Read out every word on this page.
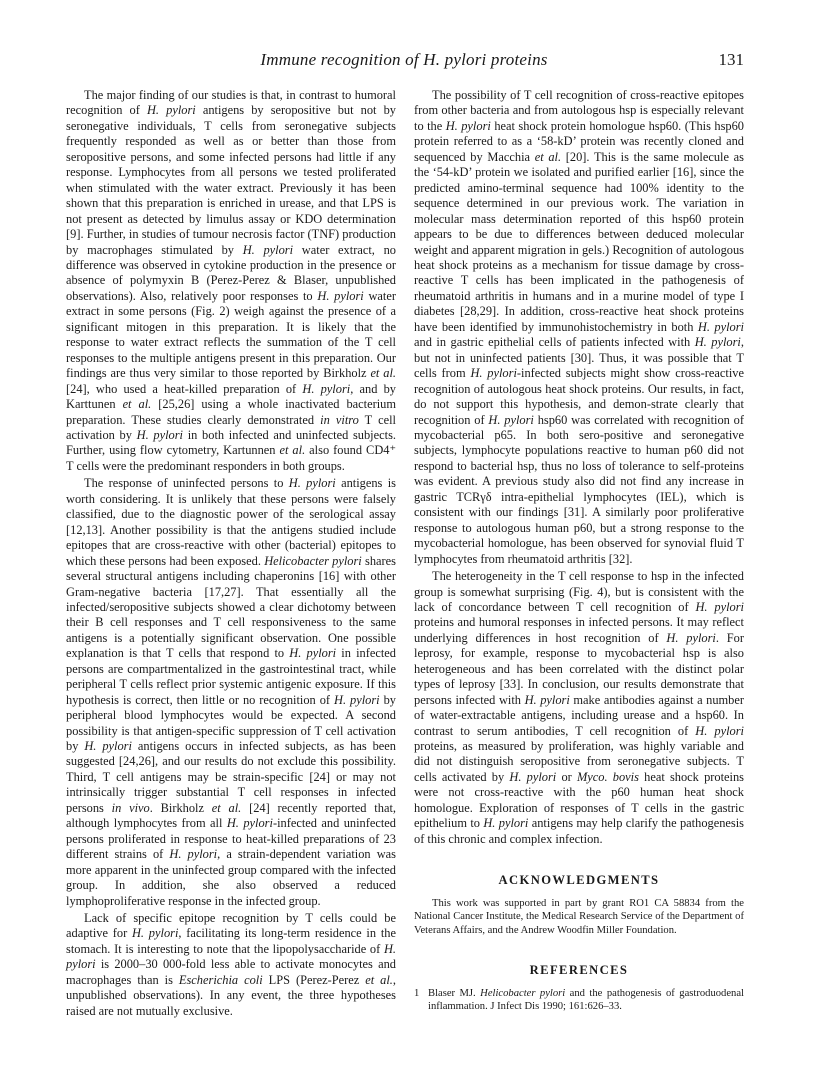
Immune recognition of H. pylori proteins	131

The major finding of our studies is that, in contrast to humoral recognition of H. pylori antigens by seropositive but not by seronegative individuals, T cells from seronegative subjects frequently responded as well as or better than those from seropositive persons, and some infected persons had little if any response. Lymphocytes from all persons we tested proliferated when stimulated with the water extract. Previously it has been shown that this preparation is enriched in urease, and that LPS is not present as detected by limulus assay or KDO determination [9]. Further, in studies of tumour necrosis factor (TNF) production by macrophages stimulated by H. pylori water extract, no difference was observed in cytokine production in the presence or absence of polymyxin B (Perez-Perez & Blaser, unpublished observations). Also, relatively poor responses to H. pylori water extract in some persons (Fig. 2) weigh against the presence of a significant mitogen in this preparation. It is likely that the response to water extract reflects the summation of the T cell responses to the multiple antigens present in this preparation. Our findings are thus very similar to those reported by Birkholz et al. [24], who used a heat-killed preparation of H. pylori, and by Karttunen et al. [25,26] using a whole inactivated bacterium preparation. These studies clearly demonstrated in vitro T cell activation by H. pylori in both infected and uninfected subjects. Further, using flow cytometry, Kartunnen et al. also found CD4⁺ T cells were the predominant responders in both groups.

The response of uninfected persons to H. pylori antigens is worth considering. It is unlikely that these persons were falsely classified, due to the diagnostic power of the serological assay [12,13]. Another possibility is that the antigens studied include epitopes that are cross-reactive with other (bacterial) epitopes to which these persons had been exposed. Helicobacter pylori shares several structural antigens including chaperonins [16] with other Gram-negative bacteria [17,27]. That essentially all the infected/seropositive subjects showed a clear dichotomy between their B cell responses and T cell responsiveness to the same antigens is a potentially significant observation. One possible explanation is that T cells that respond to H. pylori in infected persons are compartmentalized in the gastrointestinal tract, while peripheral T cells reflect prior systemic antigenic exposure. If this hypothesis is correct, then little or no recognition of H. pylori by peripheral blood lymphocytes would be expected. A second possibility is that antigen-specific suppression of T cell activation by H. pylori antigens occurs in infected subjects, as has been suggested [24,26], and our results do not exclude this possibility. Third, T cell antigens may be strain-specific [24] or may not intrinsically trigger substantial T cell responses in infected persons in vivo. Birkholz et al. [24] recently reported that, although lymphocytes from all H. pylori-infected and uninfected persons proliferated in response to heat-killed preparations of 23 different strains of H. pylori, a strain-dependent variation was more apparent in the uninfected group compared with the infected group. In addition, she also observed a reduced lymphoproliferative response in the infected group.

Lack of specific epitope recognition by T cells could be adaptive for H. pylori, facilitating its long-term residence in the stomach. It is interesting to note that the lipopolysaccharide of H. pylori is 2000–30 000-fold less able to activate monocytes and macrophages than is Escherichia coli LPS (Perez-Perez et al., unpublished observations). In any event, the three hypotheses raised are not mutually exclusive.

The possibility of T cell recognition of cross-reactive epitopes from other bacteria and from autologous hsp is especially relevant to the H. pylori heat shock protein homologue hsp60. (This hsp60 protein referred to as a ‘58-kD’ protein was recently cloned and sequenced by Macchia et al. [20]. This is the same molecule as the ‘54-kD’ protein we isolated and purified earlier [16], since the predicted amino-terminal sequence had 100% identity to the sequence determined in our previous work. The variation in molecular mass determination reported of this hsp60 protein appears to be due to differences between deduced molecular weight and apparent migration in gels.) Recognition of autologous heat shock proteins as a mechanism for tissue damage by cross-reactive T cells has been implicated in the pathogenesis of rheumatoid arthritis in humans and in a murine model of type I diabetes [28,29]. In addition, cross-reactive heat shock proteins have been identified by immunohistochemistry in both H. pylori and in gastric epithelial cells of patients infected with H. pylori, but not in uninfected patients [30]. Thus, it was possible that T cells from H. pylori-infected subjects might show cross-reactive recognition of autologous heat shock proteins. Our results, in fact, do not support this hypothesis, and demon-strate clearly that recognition of H. pylori hsp60 was correlated with recognition of mycobacterial p65. In both sero-positive and seronegative subjects, lymphocyte populations reactive to human p60 did not respond to bacterial hsp, thus no loss of tolerance to self-proteins was evident. A previous study also did not find any increase in gastric TCRγδ intra-epithelial lymphocytes (IEL), which is consistent with our findings [31]. A similarly poor proliferative response to autologous human p60, but a strong response to the mycobacterial homologue, has been observed for synovial fluid T lymphocytes from rheumatoid arthritis [32].

The heterogeneity in the T cell response to hsp in the infected group is somewhat surprising (Fig. 4), but is consistent with the lack of concordance between T cell recognition of H. pylori proteins and humoral responses in infected persons. It may reflect underlying differences in host recognition of H. pylori. For leprosy, for example, response to mycobacterial hsp is also heterogeneous and has been correlated with the distinct polar types of leprosy [33]. In conclusion, our results demonstrate that persons infected with H. pylori make antibodies against a number of water-extractable antigens, including urease and a hsp60. In contrast to serum antibodies, T cell recognition of H. pylori proteins, as measured by proliferation, was highly variable and did not distinguish seropositive from seronegative subjects. T cells activated by H. pylori or Myco. bovis heat shock proteins were not cross-reactive with the p60 human heat shock homologue. Exploration of responses of T cells in the gastric epithelium to H. pylori antigens may help clarify the pathogenesis of this chronic and complex infection.

ACKNOWLEDGMENTS

This work was supported in part by grant RO1 CA 58834 from the National Cancer Institute, the Medical Research Service of the Department of Veterans Affairs, and the Andrew Woodfin Miller Foundation.

REFERENCES
1 Blaser MJ. Helicobacter pylori and the pathogenesis of gastroduodenal inflammation. J Infect Dis 1990; 161:626–33.
